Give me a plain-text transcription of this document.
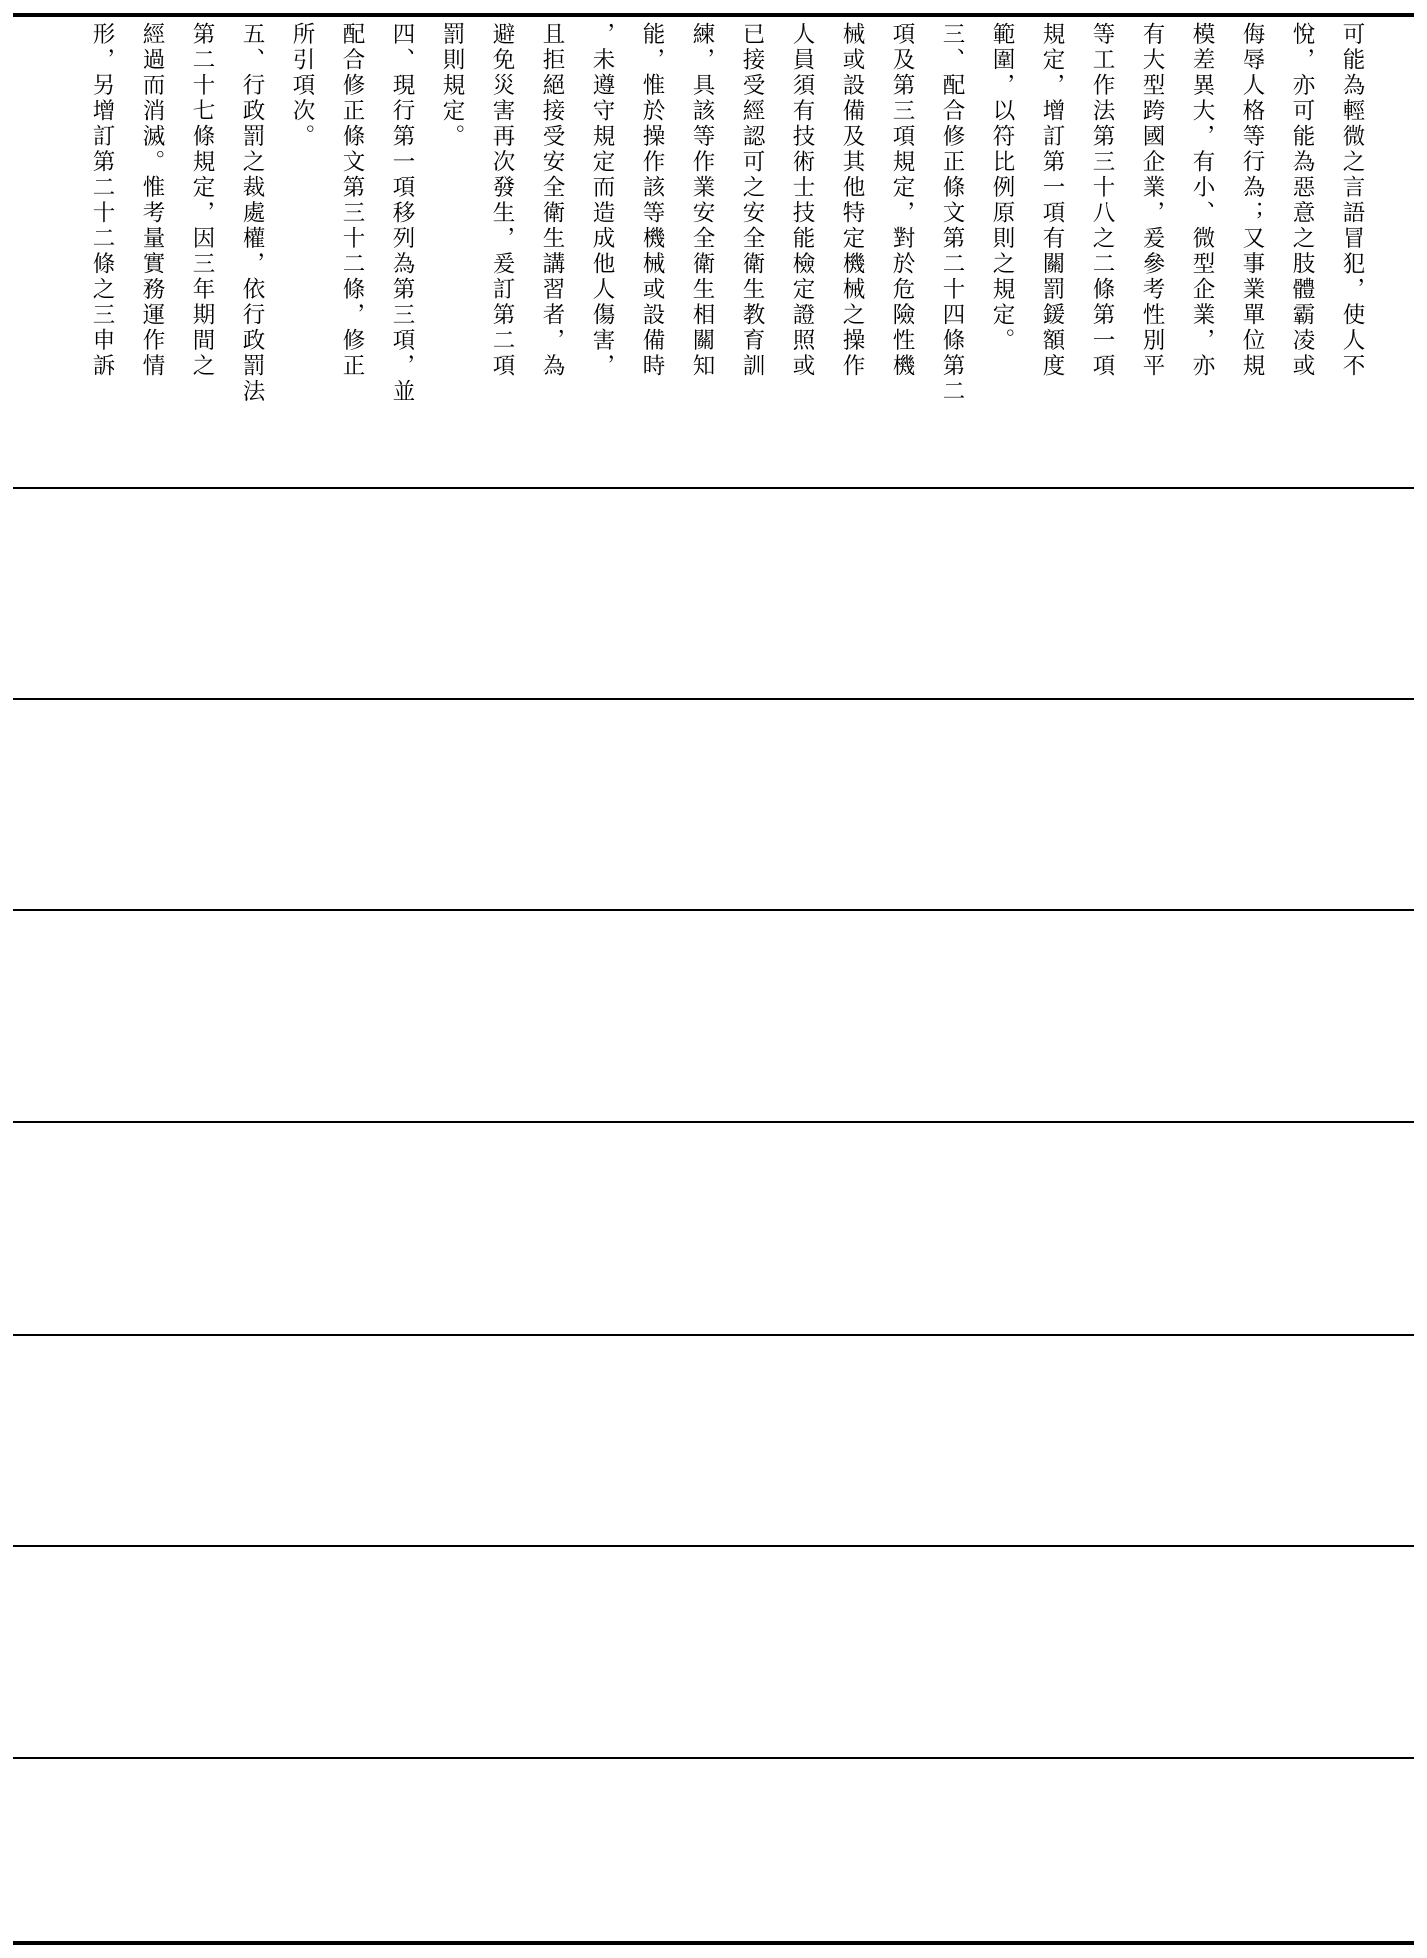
可能為輕微之言語冒犯，使人不
悅，亦可能為惡意之肢體霸凌或
侮辱人格等行為；又事業單位規
模差異大，有小、微型企業，亦
有大型跨國企業，爰參考性別平
等工作法第三十八之二條第一項
規定，增訂第一項有關罰鍰額度
範圍，以符比例原則之規定。
三、配合修正條文第二十四條第二
項及第三項規定，對於危險性機
械或設備及其他特定機械之操作
人員須有技術士技能檢定證照或
已接受經認可之安全衛生教育訓
練，具該等作業安全衛生相關知
能，惟於操作該等機械或設備時
，未遵守規定而造成他人傷害，
且拒絕接受安全衛生講習者，為
避免災害再次發生，爰訂第二項
罰則規定。
四、現行第一項移列為第三項，並
配合修正條文第三十二條，修正
所引項次。
五、行政罰之裁處權，依行政罰法
第二十七條規定，因三年期間之
經過而消滅。惟考量實務運作情
形，另增訂第二十二條之三申訴
